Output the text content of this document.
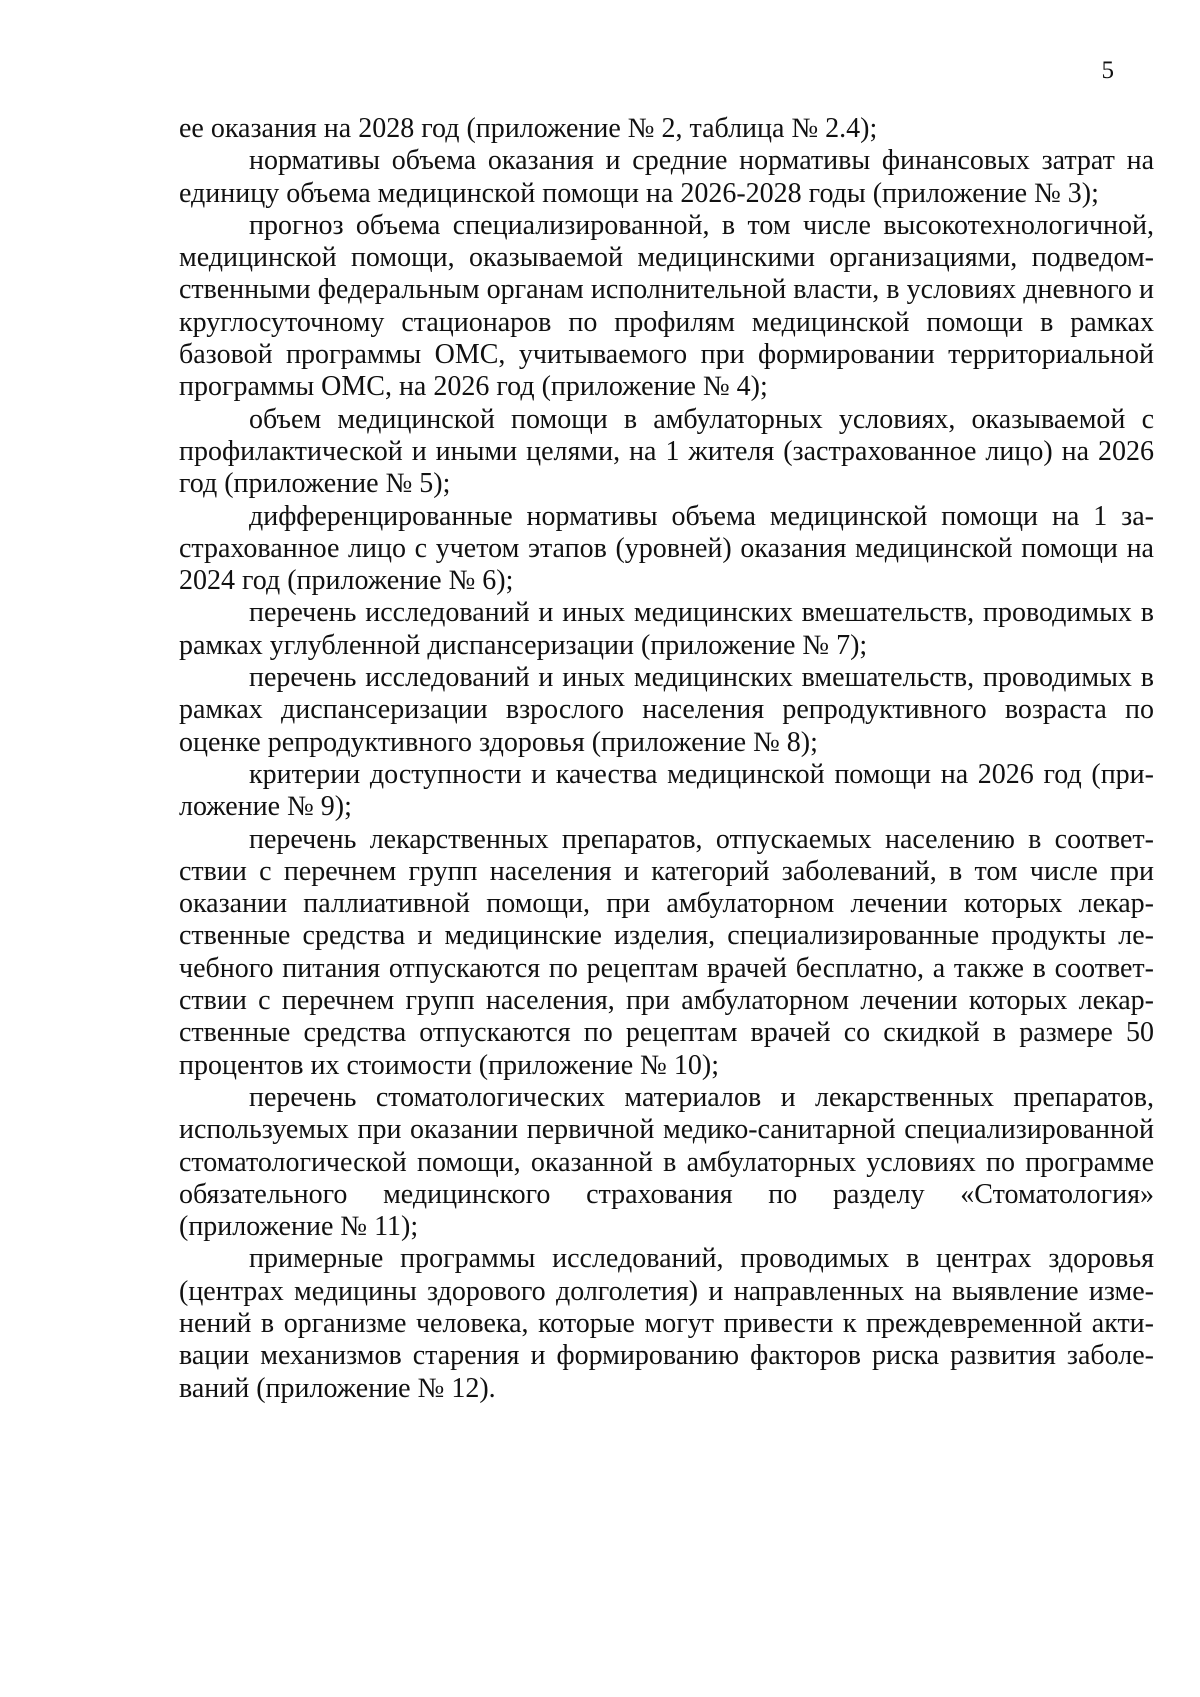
5

ее оказания на 2028 год (приложение № 2, таблица № 2.4);

нормативы объема оказания и средние нормативы финансовых затрат на единицу объема медицинской помощи на 2026-2028 годы (приложение № 3);

прогноз объема специализированной, в том числе высокотехнологичной, медицинской помощи, оказываемой медицинскими организациями, подведомственными федеральным органам исполнительной власти, в условиях дневного и круглосуточному стационаров по профилям медицинской помощи в рамках базовой программы ОМС, учитываемого при формировании территориальной программы ОМС, на 2026 год (приложение № 4);

объем медицинской помощи в амбулаторных условиях, оказываемой с профилактической и иными целями, на 1 жителя (застрахованное лицо) на 2026 год (приложение № 5);

дифференцированные нормативы объема медицинской помощи на 1 застрахованное лицо с учетом этапов (уровней) оказания медицинской помощи на 2024 год (приложение № 6);

перечень исследований и иных медицинских вмешательств, проводимых в рамках углубленной диспансеризации (приложение № 7);

перечень исследований и иных медицинских вмешательств, проводимых в рамках диспансеризации взрослого населения репродуктивного возраста по оценке репродуктивного здоровья (приложение № 8);

критерии доступности и качества медицинской помощи на 2026 год (приложение № 9);

перечень лекарственных препаратов, отпускаемых населению в соответствии с перечнем групп населения и категорий заболеваний, в том числе при оказании паллиативной помощи, при амбулаторном лечении которых лекарственные средства и медицинские изделия, специализированные продукты лечебного питания отпускаются по рецептам врачей бесплатно, а также в соответствии с перечнем групп населения, при амбулаторном лечении которых лекарственные средства отпускаются по рецептам врачей со скидкой в размере 50 процентов их стоимости (приложение № 10);

перечень стоматологических материалов и лекарственных препаратов, используемых при оказании первичной медико-санитарной специализированной стоматологической помощи, оказанной в амбулаторных условиях по программе обязательного медицинского страхования по разделу «Стоматология» (приложение № 11);

примерные программы исследований, проводимых в центрах здоровья (центрах медицины здорового долголетия) и направленных на выявление изменений в организме человека, которые могут привести к преждевременной активации механизмов старения и формированию факторов риска развития заболеваний (приложение № 12).
